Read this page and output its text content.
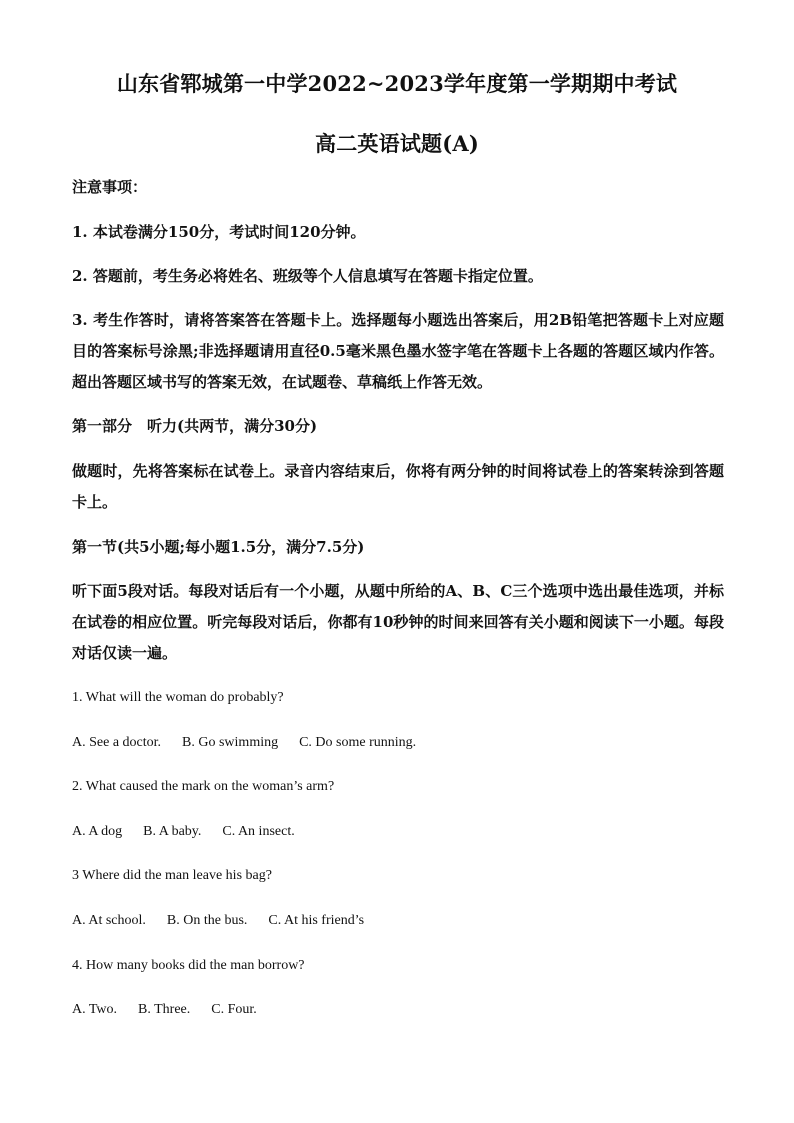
山东省郓城第一中学2022~2023学年度第一学期期中考试
高二英语试题(A)
注意事项：
1. 本试卷满分150分，考试时间120分钟。
2. 答题前，考生务必将姓名、班级等个人信息填写在答题卡指定位置。
3. 考生作答时，请将答案答在答题卡上。选择题每小题选出答案后，用2B铅笔把答题卡上对应题目的答案标号涂黑;非选择题请用直径0.5毫米黑色墨水签字笔在答题卡上各题的答题区域内作答。超出答题区域书写的答案无效，在试题卷、草稿纸上作答无效。
第一部分　听力(共两节，满分30分)
做题时，先将答案标在试卷上。录音内容结束后，你将有两分钟的时间将试卷上的答案转涂到答题卡上。
第一节(共5小题;每小题1.5分，满分7.5分)
听下面5段对话。每段对话后有一个小题，从题中所给的A、B、C三个选项中选出最佳选项，并标在试卷的相应位置。听完每段对话后，你都有10秒钟的时间来回答有关小题和阅读下一小题。每段对话仅读一遍。
1. What will the woman do probably?
A. See a doctor.      B. Go swimming      C. Do some running.
2. What caused the mark on the woman’s arm?
A. A dog      B. A baby.      C. An insect.
3 Where did the man leave his bag?
A. At school.      B. On the bus.      C. At his friend’s
4. How many books did the man borrow?
A. Two.      B. Three.      C. Four.
